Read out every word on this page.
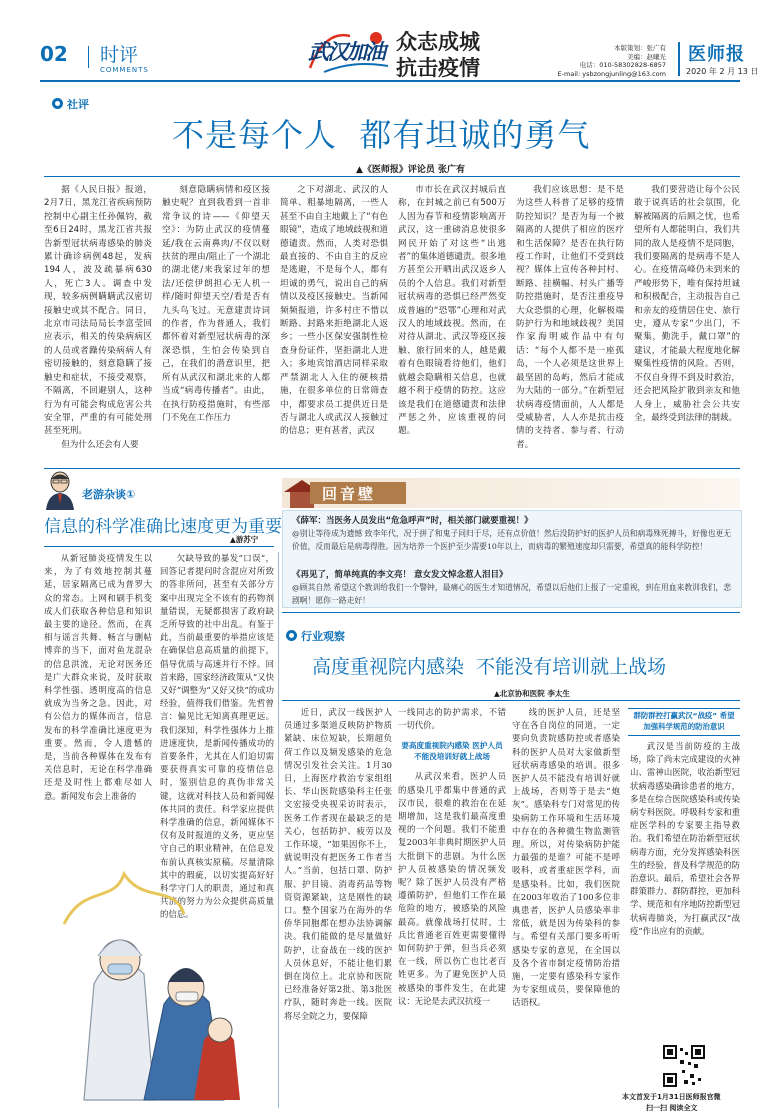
02 时评
COMMENTS
武汉加油 众志成城
抗击疫情
本版策划：张广有
美编：赵曦光
电话：010-58302828-6857
E-mail: ysbzongjunling@163.com
医师报
2020 年 2 月 13 日
社评
不是每个人  都有坦诚的勇气
▲《医师报》评论员 张广有

据《人民日报》报道，2月7日，黑龙江省疾病预防控制中心副主任孙佩钧，截至6日24时，黑龙江省共报告新型冠状病毒感染的肺炎累计确诊病例48起，发病194人，波及疏暴病630人，死亡3人。调查中发现，较多病例瞒瞒武汉密切接触史或其不配合。同日，北京市司法局局长李富莹回应表示，相关的传染病病区的人员或者躁传染病病人有密切接触的，刻意隐瞒了接触史和症状，不接受观察，不隔离，不回避别人，这种行为有可能会构成危害公共安全罪，严重的有可能处刑甚至死刑。

但为什么还会有人要

刻意隐瞒病情和疫区接触史呢？直到我看到一首非常争议的诗——《仰望天空》：为防止武汉的疫情蔓延/我在云南鼻肉/不仅以财扶贫的理由/阻止了一个湖北的湖北佬/来我家过年的想法/还偿伊朗担心无人机一样/随时仰望天空/看是否有九头鸟飞过。无意建责诗词的作者，作为普通人，我们都怀着对新型冠状病毒的深深恐惧，生怕会传染到自己，在我们的潜意识里，把所有从武汉和湖北来的人都当成“病毒传播者”。由此，在执行防疫措施时，有些部门不免在工作压力

之下对湖北、武汉的人简单、粗暴地隔离，一些人甚至不由自主地戴上了“有色眼镜”，造成了地域歧视和道德谴责。然而，人类对恐惧最直接的、不由自主的反应是逃避，不是每个人，都有坦诚的勇气，说出自己的病情以及疫区接触史。当新闻频频报道，许多村庄不惜以断路、封路来拒绝湖北人返乡；一些小区保安强制性检查身份证件，坚拒湖北人进入；多地宾馆酒店同样采取严禁湖北人入住的硬核措施，在很多单位的日常筛查中，都要求员工提供近日是否与湖北人或武汉人接触过的信息；更有甚者，武汉

市市长在武汉封城后直称，在封城之前已有500万人因为春节和疫情影响离开武汉，这一重磅消息使很多网民开始了对这些“出逃者”的集体道德谴责。很多地方甚至公开晒出武汉返乡人员的个人信息。我们对新型冠状病毒的恐惧已经严然变成普遍的“恐鄂”心理和对武汉人的地域歧视。然而，在对待从湖北、武汉等疫区接触、旅行回来的人，越是戴着有色眼镜看待他们，他们就越会隐瞒相关信息，也就越不利于疫情的防控。这应该是我们在道德谴责和法律严惩之外，应该重视的问题。

我们应该思想：是不是为这些人科普了足够的疫情防控知识？是否为每一个被隔离的人提供了相应的医疗和生活保障？是否在执行防疫工作时，让他们不受到歧视？媒体上宣传各种封村、断路、挂横幅、村头广播等防控措施时，是否注重疫导大众恐惧的心理，化解极端防护行为和地域歧视？美国作家海明威作品中有句话：“每个人都不是一座孤岛，一个人必须是这世界上最坚固的岛屿，然后才能成为大陆的一部分。”在新型冠状病毒疫情面前，人人都是受威胁者，人人亦是抗击疫情的支持者、参与者、行动者。

我们要营造让每个公民敢于说真话的社会氛围，化解被隔离的后顾之忧，也希望所有人都能明白，我们共同的敌人是疫情不是同胞，我们要隔离的是病毒不是人心。在疫情高峰仍未到来的严峻形势下，唯有保持坦诚和积极配合，主动报告自己和亲友的疫情居住史、旅行史，遵从专家“少出门，不聚集，勤洗手，戴口罩”的建议，才能最大程度地化解聚集性疫情的风险。否则，不仅自身得不到及时救治，还会把风险扩散到亲友和他人身上，威胁社会公共安全，最终受到法律的制裁。

老游杂谈①
信息的科学准确比速度更为重要
▲游苏宁

从新冠肺炎疫情发生以来，为了有效地控制其蔓延，居家隔离已成为普罗大众的常态。上网和刷手机变成人们获取各种信息和知识最主要的途径。然而，在真相与谣言共舞、畅言与删帖博弈的当下，面对鱼龙混杂的信息洪流，无论对医务还是广大群众来说，及时获取科学性强、透明度高的信息就成为当务之急。因此，对有公信力的媒体而言，信息发布的科学准确比速度更为重要。然而，令人遗憾的是，当前各种媒体在发布有关信息时，无论在科学准确还是及时性上都难尽如人意。新闻发布会上准备的

欠缺导致的暴发“口误”，回答记者提问时含混应对所致的答非所问，甚至有关部分方案中出现完全不该有的药物剂量错误，无疑都损害了政府缺乏所导致的社中出乱。有鉴于此，当前最重要的举措应该是在确保信息高质量的前提下，倡导优质与高速并行不悖。回首来路，国家经济政策从“又快又好”调整为“又好又快”的成功经验，值得我们借鉴。先哲曾言：偏见比无知离真理更远。我们深知，科学性强体力上推进速度快，是新闻传播成功的首要条件，尤其在人们迫切需要获得真实可靠的疫情信息时，鉴别信息的真伪非常关键，这就对科技人员和新闻媒体共同的责任。科学家应提供科学准确的信息，新闻媒体不仅有及时报道的义务，更应坚守自己的职业精神，在信息发布前认真核实原稿。尽量清除其中的瑕疵，以切实提高好好科学守门人的职责，通过和真共济的努力为公众提供高质量的信息。

回音壁
《薛军：当医务人员发出“危急呼声”时，相关部门就要重视！》
@别让等待成为遗憾 致李年代，况于拼了和鬼子同归于尽，还有点价值！然后没防护好的医护人员和病毒殊死搏斗，好像也更无价值，反而最后是病毒得胜。因为培养一个医护至少需要10年以上，而病毒的繁殖速度却只需要，希望真的能科学防控！
《再见了，简单纯真的李文亮！ 意女发文悼念惹人泪目》
@顾其自然 希望这个教训给我们一个警钟，最痛心的医生才知道情况，希望以后他们上报了一定重视，到在用血来教训我们，悲剧啊！愿你一路走好！
行业观察
高度重视院内感染  不能没有培训就上战场
▲北京协和医院 李太生

近日，武汉一线医护人员通过多渠道反映防护物质紧缺、床位短缺，长期超负荷工作以及频发感染的危急情况引发社会关注。1月30日，上海医疗救治专家组组长、华山医院感染科主任张文宏接受央视采访时表示，医务工作者现在最缺乏的是关心，包括防护、疲劳以及工作环境，“如果因你不上，就说明没有把医务工作者当人。”当前，包括口罩、防护服、护目镜、消毒药品等物资资源紧缺，这是刚性的缺口。整个国家乃在海外的华侨华同胞都在想办法协调解决。我们能做的是尽量做好防护，让奋战在一线的医护人员休息好，不能让他们累倒在岗位上。北京协和医院已经准备好第2批、第3批医疗队，随时奔赴一线。医院将尽全院之力，要保障

一线同志的防护需求，不错一切代价。
要高度重视院内感染 医护人员不能没培训好就上战场

从武汉来看，医护人员的感染几乎都集中普通的武汉市民，很难的救治在在延期增加，这是我们最高度重视的一个问题。我们不能重复2003年非典时期医护人员大批倒下的悲剧。为什么医护人员被感染的情况频发呢？除了医护人员没有严格遵循防护，但他们工作在最危险的地方，被感染的风险最高。就像战场打仗时，士兵比普通老百姓更需要懂得如何防护于弹，但当兵必须在一线，所以伤亡也比老百姓更多。为了避免医护人员被感染的事件发生，在此建议：无论是去武汉抗疫一

线的医护人员，还是坚守在各自岗位的同道，一定要向负责院感防控或者感染科的医护人员对大家做新型冠状病毒感染的培训。很多医护人员不能没有培训好就上战场，否则等于是去“炮灰”。感染科专门对常见的传染病防工作环境和生活环境中存在的各种微生物监测管理。所以，对传染病防护能力最强的是谁？可能不是呼吸科，或者重症医学科，而是感染科。比如，我们医院在2003年收治了100多位非典患者，医护人员感染率非常低，就是因为传染科的参与。希望有关部门要多听听感染专家的意见，在全国以及各个省市制定疫情防治措施，一定要有感染科专家作为专家组成员，要保障他的话语权。

群防群控打赢武汉“战疫” 希望加强科学规范的防治意识

武汉是当前防疫的主战场，除了尚未完成建设的火神山、雷神山医院，收治新型冠状病毒感染确诊患者的地方，多是在综合医院感染科或传染病专科医院。呼吸科专家和重症医学科的专家要主指导救治。我们希望在防治新型冠状病毒方面，充分发挥感染科医生的经验，普及科学规范的防治意识。最后，希望社会各界群策群力、群防群控，更加科学、规范和有序地防控新型冠状病毒肺炎，为打赢武汉“战疫”作出应有的贡献。

本文首发于1月31日医师报官微
扫一扫 阅读全文
